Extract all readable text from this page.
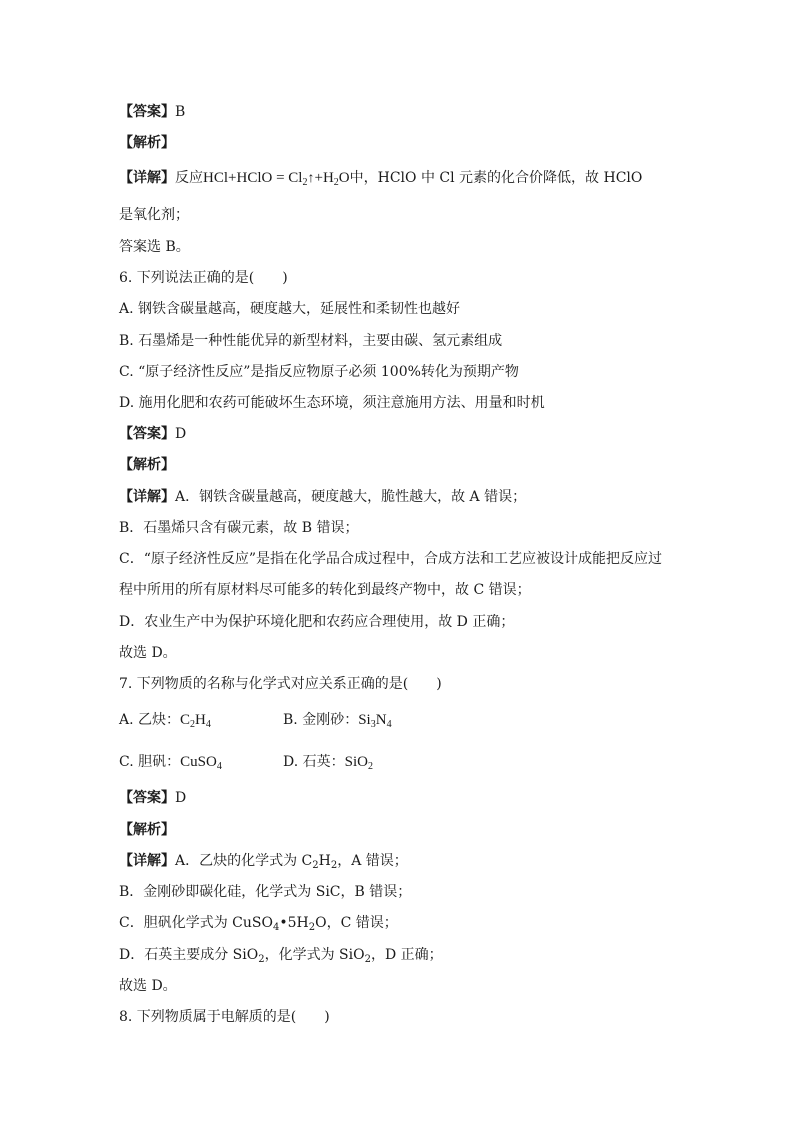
【答案】B
【解析】
【详解】反应HCl+HClO = $Cl_2↑+H_2O$中，HClO 中 Cl 元素的化合价降低，故 HClO
是氧化剂；
答案选 B。
6. 下列说法正确的是(　　)
A. 钢铁含碳量越高，硬度越大，延展性和柔韧性也越好
B. 石墨烯是一种性能优异的新型材料，主要由碳、氢元素组成
C. “原子经济性反应”是指反应物原子必须 100%转化为预期产物
D. 施用化肥和农药可能破坏生态环境，须注意施用方法、用量和时机
【答案】D
【解析】
【详解】A．钢铁含碳量越高，硬度越大，脆性越大，故 A 错误；
B．石墨烯只含有碳元素，故 B 错误；
C．“原子经济性反应”是指在化学品合成过程中，合成方法和工艺应被设计成能把反应过
程中所用的所有原材料尽可能多的转化到最终产物中，故 C 错误；
D．农业生产中为保护环境化肥和农药应合理使用，故 D 正确；
故选 D。
7. 下列物质的名称与化学式对应关系正确的是(　　)
A. 乙炔：$C_2H_4$	B. 金刚砂：$Si_3N_4$
C. 胆矾：CuSO$_4$	D. 石英：SiO$_2$
【答案】D
【解析】
【详解】A．乙炔的化学式为 $C_2H_2$，A 错误；
B．金刚砂即碳化硅，化学式为 SiC，B 错误；
C．胆矾化学式为 $CuSO_4•5H_2O$，C 错误；
D．石英主要成分 SiO$_2$，化学式为 SiO$_2$，D 正确；
故选 D。
8. 下列物质属于电解质的是(　　)
